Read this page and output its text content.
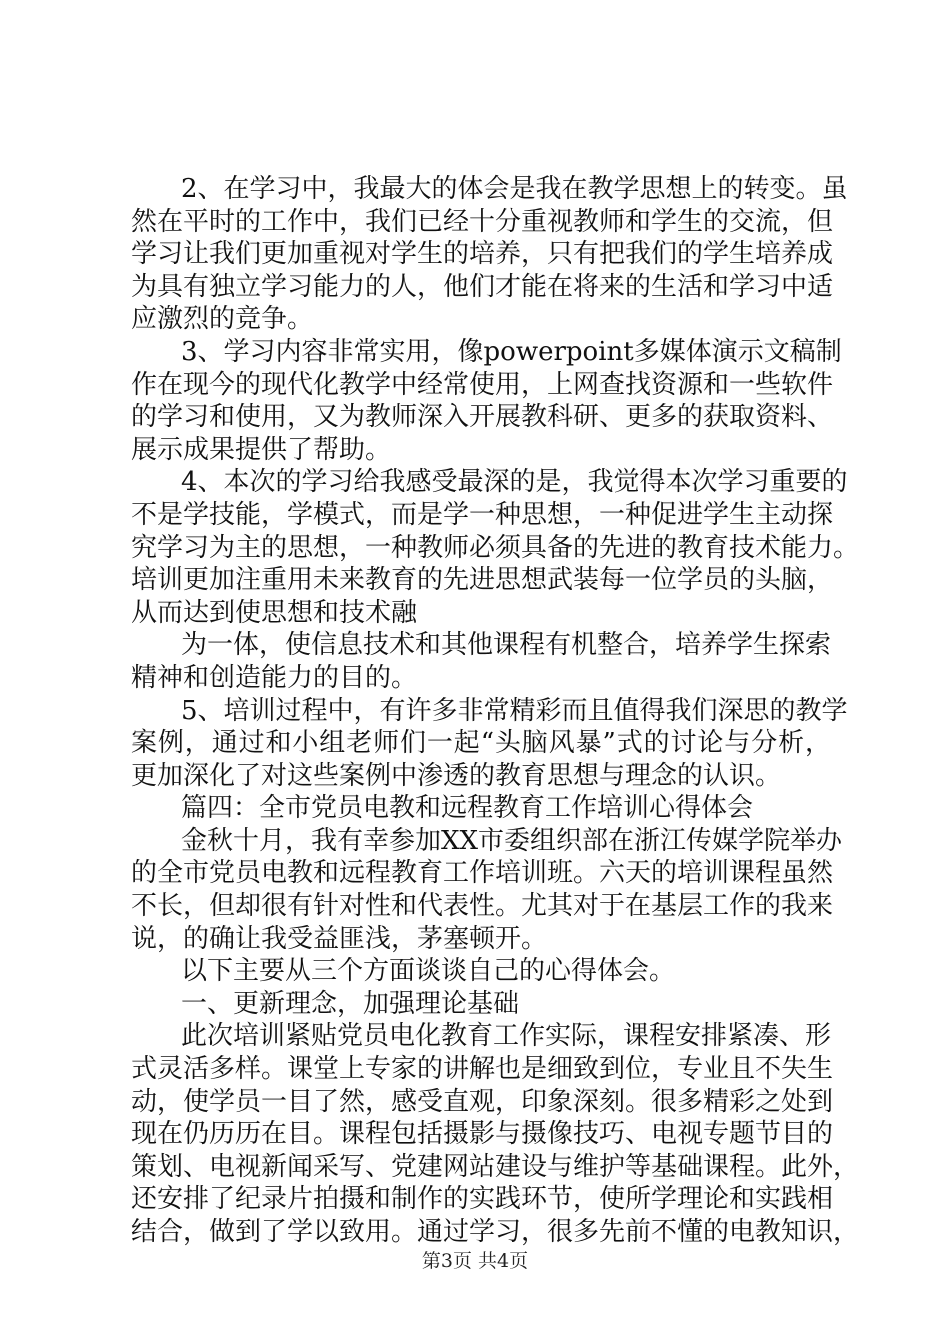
2、在学习中，我最大的体会是我在教学思想上的转变。虽
然在平时的工作中，我们已经十分重视教师和学生的交流，但
学习让我们更加重视对学生的培养，只有把我们的学生培养成
为具有独立学习能力的人，他们才能在将来的生活和学习中适
应激烈的竞争。
3、学习内容非常实用，像powerpoint多媒体演示文稿制
作在现今的现代化教学中经常使用，上网查找资源和一些软件
的学习和使用，又为教师深入开展教科研、更多的获取资料、
展示成果提供了帮助。
4、本次的学习给我感受最深的是，我觉得本次学习重要的
不是学技能，学模式，而是学一种思想，一种促进学生主动探
究学习为主的思想，一种教师必须具备的先进的教育技术能力。
培训更加注重用未来教育的先进思想武装每一位学员的头脑，
从而达到使思想和技术融
为一体，使信息技术和其他课程有机整合，培养学生探索
精神和创造能力的目的。
5、培训过程中，有许多非常精彩而且值得我们深思的教学
案例，通过和小组老师们一起“头脑风暴”式的讨论与分析，
更加深化了对这些案例中渗透的教育思想与理念的认识。
篇四：全市党员电教和远程教育工作培训心得体会
金秋十月，我有幸参加XX市委组织部在浙江传媒学院举办
的全市党员电教和远程教育工作培训班。六天的培训课程虽然
不长，但却很有针对性和代表性。尤其对于在基层工作的我来
说，的确让我受益匪浅，茅塞顿开。
以下主要从三个方面谈谈自己的心得体会。
一、更新理念，加强理论基础
此次培训紧贴党员电化教育工作实际，课程安排紧凑、形
式灵活多样。课堂上专家的讲解也是细致到位，专业且不失生
动，使学员一目了然，感受直观，印象深刻。很多精彩之处到
现在仍历历在目。课程包括摄影与摄像技巧、电视专题节目的
策划、电视新闻采写、党建网站建设与维护等基础课程。此外，
还安排了纪录片拍摄和制作的实践环节，使所学理论和实践相
结合，做到了学以致用。通过学习，很多先前不懂的电教知识，
第3页 共4页
